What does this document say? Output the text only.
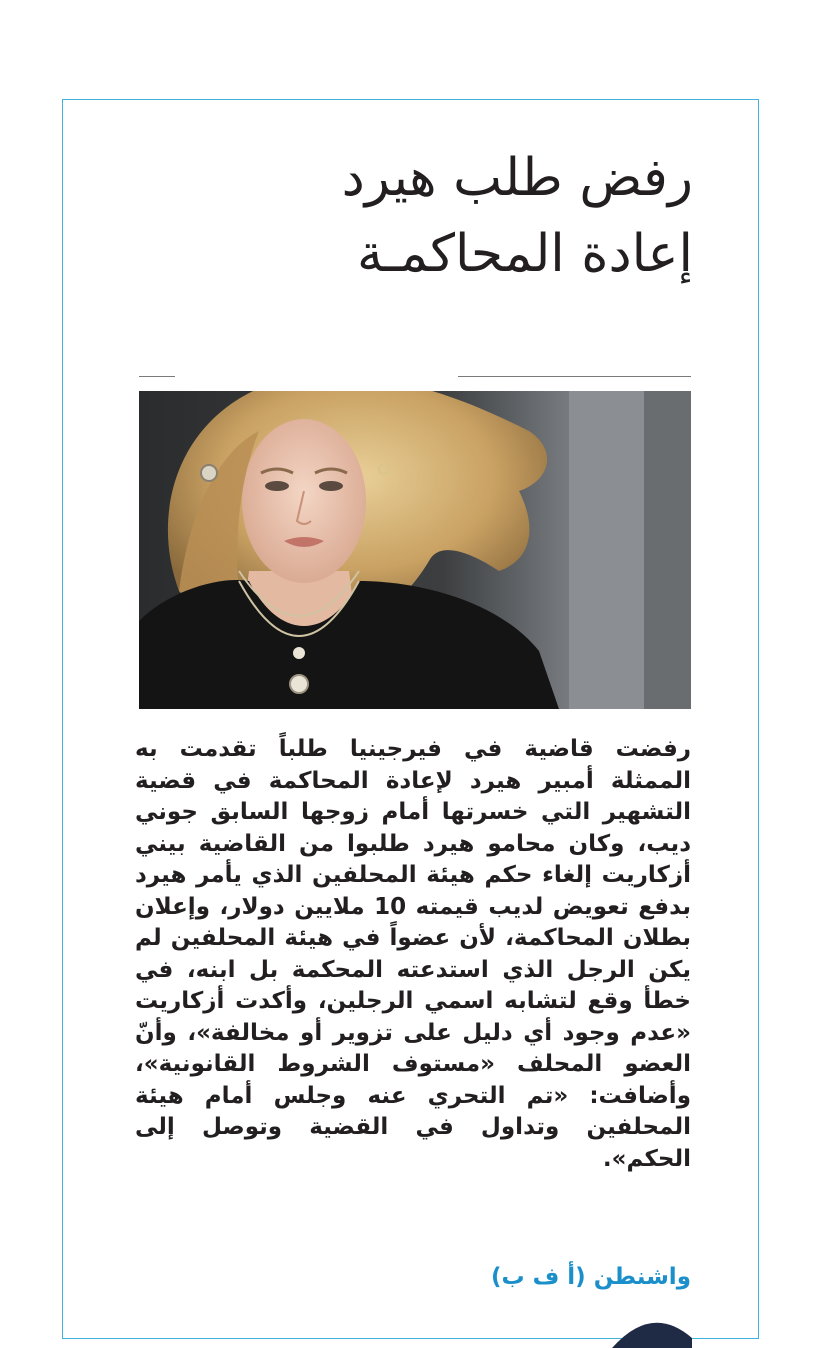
رفض طلب هيرد إعادة المحاكمـة

رفضت قاضية في فيرجينيا طلباً تقدمت به الممثلة أمبير هيرد لإعادة المحاكمة في قضية التشهير التي خسرتها أمام زوجها السابق جوني ديب، وكان محامو هيرد طلبوا من القاضية بيني أزكاريت إلغاء حكم هيئة المحلفين الذي يأمر هيرد بدفع تعويض لديب قيمته 10 ملايين دولار، وإعلان بطلان المحاكمة، لأن عضواً في هيئة المحلفين لم يكن الرجل الذي استدعته المحكمة بل ابنه، في خطأ وقع لتشابه اسمي الرجلين، وأكدت أزكاريت «عدم وجود أي دليل على تزوير أو مخالفة»، وأنّ العضو المحلف «مستوف الشروط القانونية»، وأضافت: «تم التحري عنه وجلس أمام هيئة المحلفين وتداول في القضية وتوصل إلى الحكم».

واشنطن (أ ف ب)
